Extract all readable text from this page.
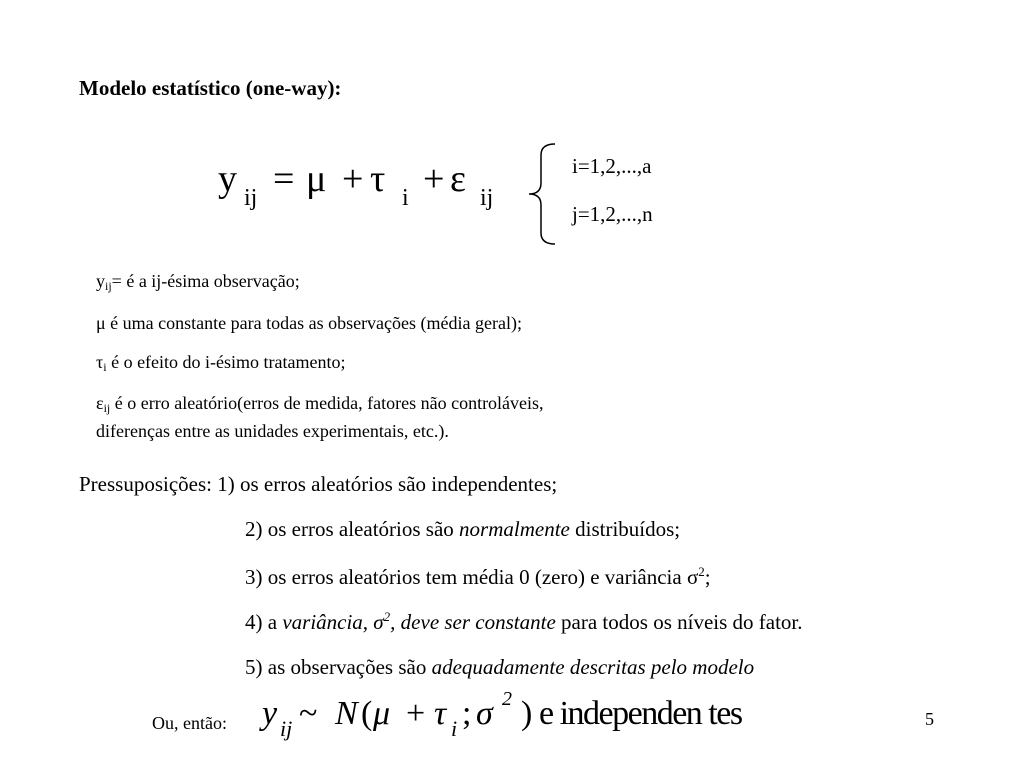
Modelo estatístico (one-way):
y ij = μ + τ i + ε ij
i=1,2,...,a
j=1,2,...,n
$y_{ij}=$ é a ij-ésima observação;
μ é uma constante para todas as observações (média geral);
$\tau_i$ é o efeito do i-ésimo tratamento;
$\varepsilon_{ij}$ é o erro aleatório(erros de medida, fatores não controláveis,
diferenças entre as unidades experimentais, etc.).
Pressuposições: 1) os erros aleatórios são independentes;
2) os erros aleatórios são normalmente distribuídos;
3) os erros aleatórios tem média 0 (zero) e variância $\sigma^2$;
4) a variância, $\sigma^2$, deve ser constante para todos os níveis do fator.
5) as observações são adequadamente descritas pelo modelo
Ou, então: y ij ~ N ( μ + τ i ; σ 2 ) e independen tes	5
